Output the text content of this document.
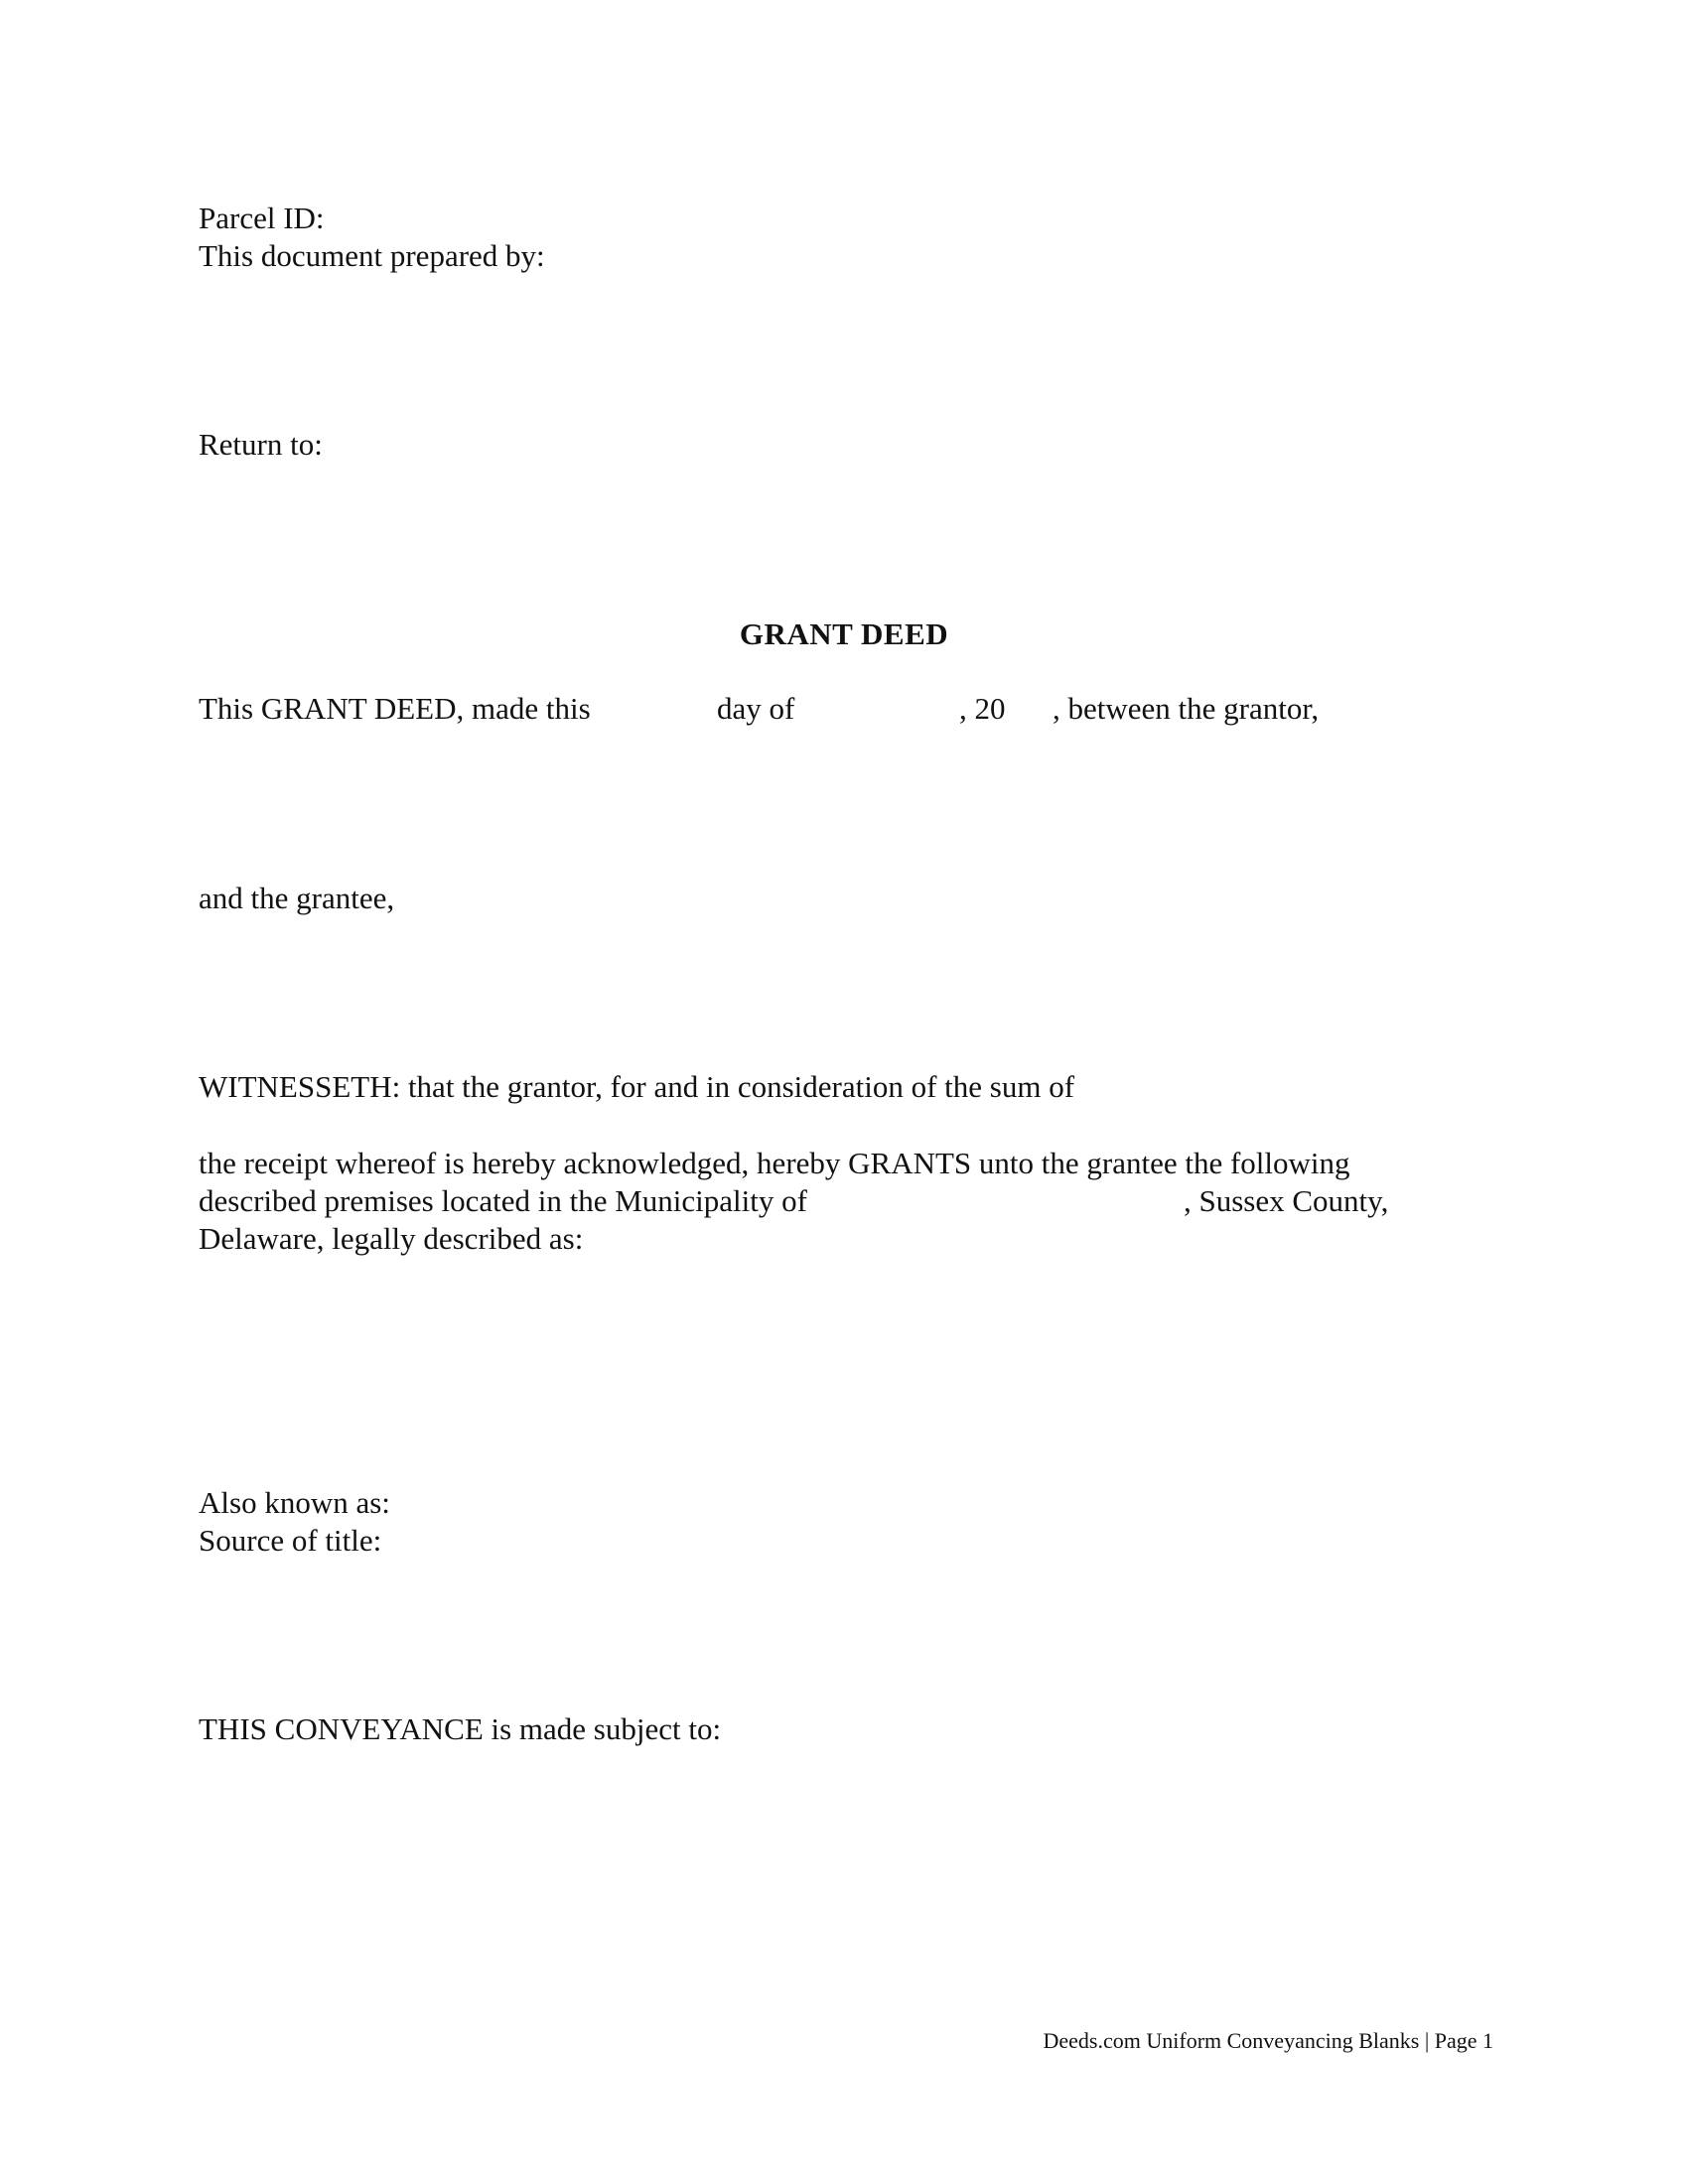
Parcel ID:
This document prepared by:
Return to:
GRANT DEED
This GRANT DEED, made this	day of	, 20 , between the grantor,
and the grantee,
WITNESSETH: that the grantor, for and in consideration of the sum of
the receipt whereof is hereby acknowledged, hereby GRANTS unto the grantee the following
described premises located in the Municipality of	, Sussex County,
Delaware, legally described as:
Also known as:
Source of title:
THIS CONVEYANCE is made subject to:
Deeds.com Uniform Conveyancing Blanks | Page 1
